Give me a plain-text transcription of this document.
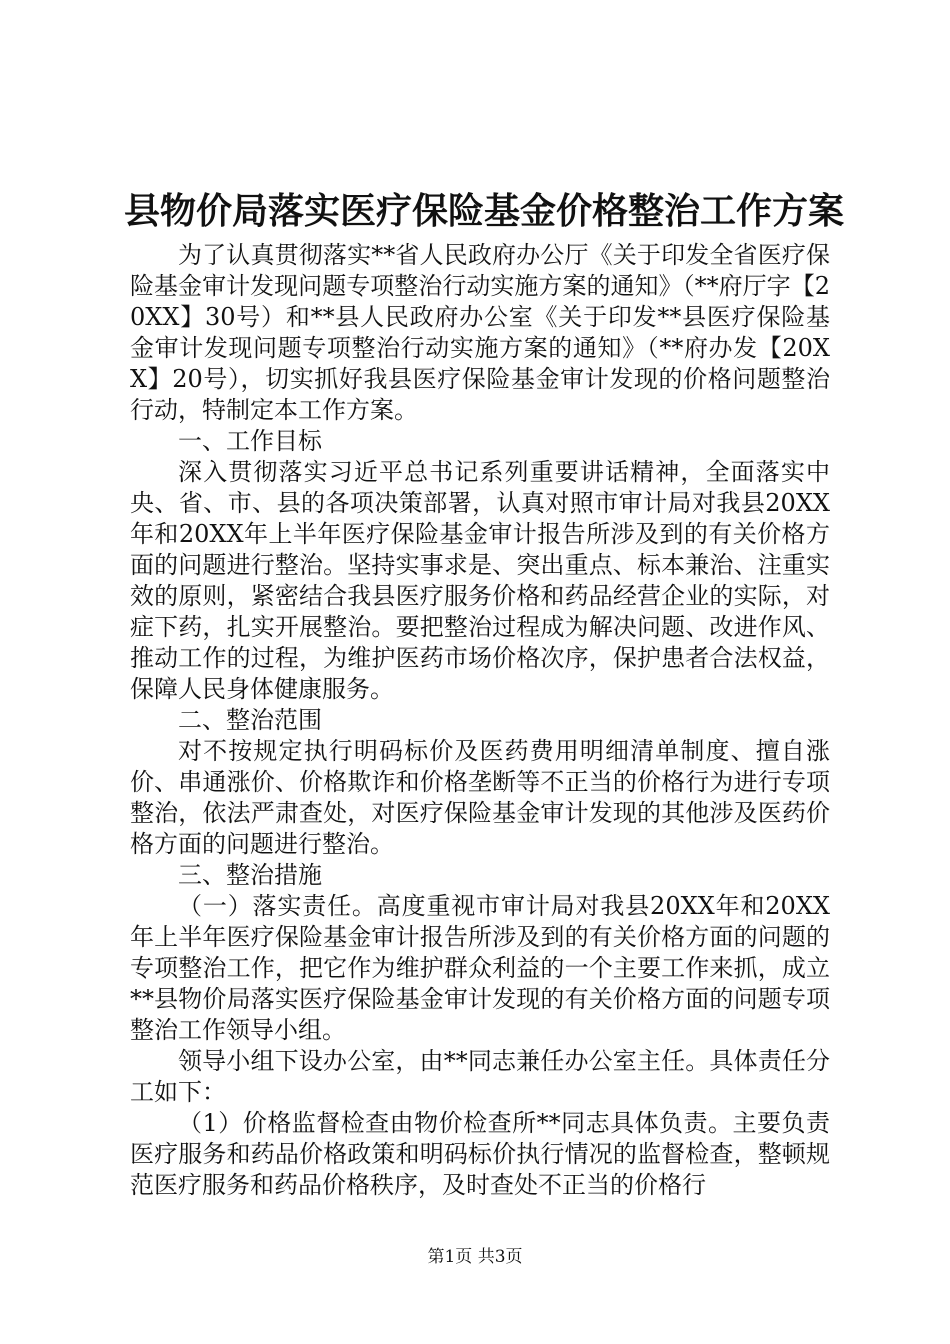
县物价局落实医疗保险基金价格整治工作方案

为了认真贯彻落实**省人民政府办公厅《关于印发全省医疗保险基金审计发现问题专项整治行动实施方案的通知》（**府厅字【20XX】30号）和**县人民政府办公室《关于印发**县医疗保险基金审计发现问题专项整治行动实施方案的通知》（**府办发【20XX】20号），切实抓好我县医疗保险基金审计发现的价格问题整治行动，特制定本工作方案。

一、工作目标

深入贯彻落实习近平总书记系列重要讲话精神，全面落实中央、省、市、县的各项决策部署，认真对照市审计局对我县20XX年和20XX年上半年医疗保险基金审计报告所涉及到的有关价格方面的问题进行整治。坚持实事求是、突出重点、标本兼治、注重实效的原则，紧密结合我县医疗服务价格和药品经营企业的实际，对症下药，扎实开展整治。要把整治过程成为解决问题、改进作风、推动工作的过程，为维护医药市场价格次序，保护患者合法权益，保障人民身体健康服务。

二、整治范围

对不按规定执行明码标价及医药费用明细清单制度、擅自涨价、串通涨价、价格欺诈和价格垄断等不正当的价格行为进行专项整治，依法严肃查处，对医疗保险基金审计发现的其他涉及医药价格方面的问题进行整治。

三、整治措施

（一）落实责任。高度重视市审计局对我县20XX年和20XX年上半年医疗保险基金审计报告所涉及到的有关价格方面的问题的专项整治工作，把它作为维护群众利益的一个主要工作来抓，成立**县物价局落实医疗保险基金审计发现的有关价格方面的问题专项整治工作领导小组。

领导小组下设办公室，由**同志兼任办公室主任。具体责任分工如下：

（1）价格监督检查由物价检查所**同志具体负责。主要负责医疗服务和药品价格政策和明码标价执行情况的监督检查，整顿规范医疗服务和药品价格秩序，及时查处不正当的价格行

第1页 共3页
